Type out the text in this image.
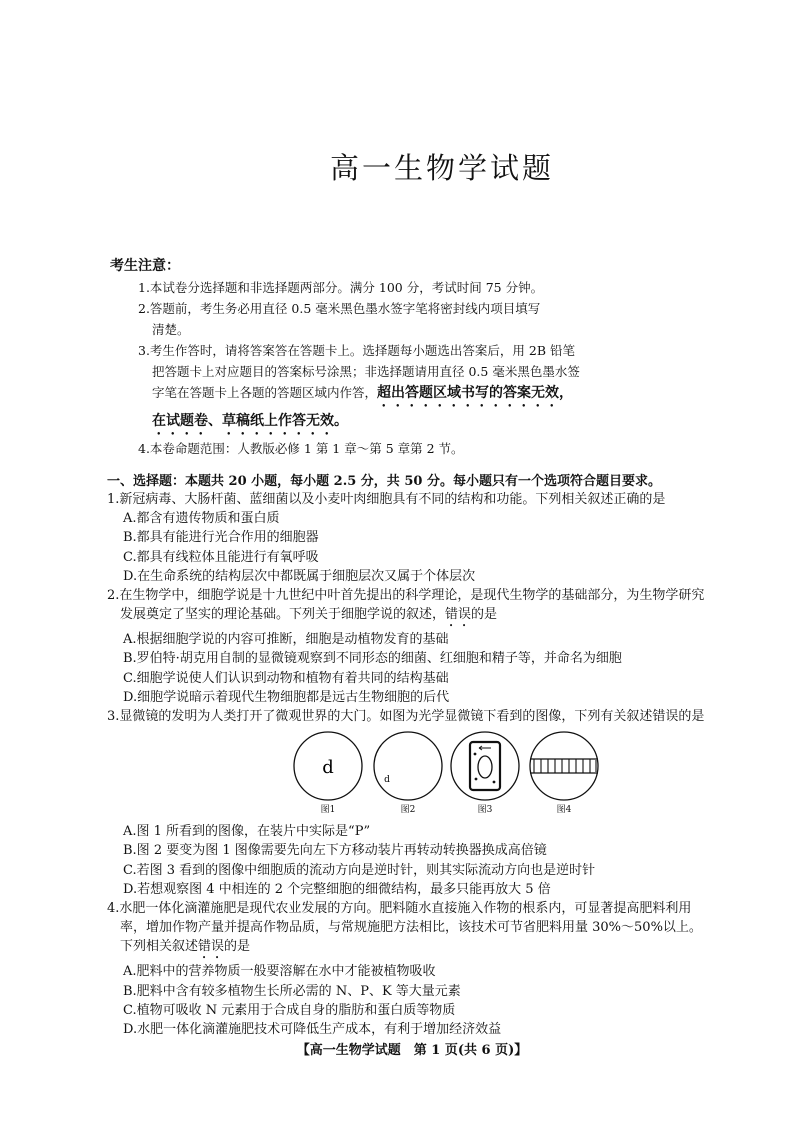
高一生物学试题
考生注意：

1.本试卷分选择题和非选择题两部分。满分 100 分，考试时间 75 分钟。

2.答题前，考生务必用直径 0.5 毫米黑色墨水签字笔将密封线内项目填写

清楚。

3.考生作答时，请将答案答在答题卡上。选择题每小题选出答案后，用 2B 铅笔

把答题卡上对应题目的答案标号涂黑；非选择题请用直径 0.5 毫米黑色墨水签

字笔在答题卡上各题的答题区域内作答，超出答题区域书写的答案无效，

在试题卷、草稿纸上作答无效。

4.本卷命题范围：人教版必修 1 第 1 章～第 5 章第 2 节。

一、选择题：本题共 20 小题，每小题 2.5 分，共 50 分。每小题只有一个选项符合题目要求。

1.新冠病毒、大肠杆菌、蓝细菌以及小麦叶肉细胞具有不同的结构和功能。下列相关叙述正确的是

A.都含有遗传物质和蛋白质

B.都具有能进行光合作用的细胞器

C.都具有线粒体且能进行有氧呼吸

D.在生命系统的结构层次中都既属于细胞层次又属于个体层次

2.在生物学中，细胞学说是十九世纪中叶首先提出的科学理论，是现代生物学的基础部分，为生物学研究

发展奠定了坚实的理论基础。下列关于细胞学说的叙述，错误的是

A.根据细胞学说的内容可推断，细胞是动植物发育的基础

B.罗伯特·胡克用自制的显微镜观察到不同形态的细菌、红细胞和精子等，并命名为细胞

C.细胞学说使人们认识到动物和植物有着共同的结构基础

D.细胞学说暗示着现代生物细胞都是远古生物细胞的后代

3.显微镜的发明为人类打开了微观世界的大门。如图为光学显微镜下看到的图像，下列有关叙述错误的是

d
图1
d
图2	图3	图4

A.图 1 所看到的图像，在装片中实际是“P”

B.图 2 要变为图 1 图像需要先向左下方移动装片再转动转换器换成高倍镜

C.若图 3 看到的图像中细胞质的流动方向是逆时针，则其实际流动方向也是逆时针

D.若想观察图 4 中相连的 2 个完整细胞的细微结构，最多只能再放大 5 倍

4.水肥一体化滴灌施肥是现代农业发展的方向。肥料随水直接施入作物的根系内，可显著提高肥料利用

率，增加作物产量并提高作物品质，与常规施肥方法相比，该技术可节省肥料用量 30%～50%以上。

下列相关叙述错误的是

A.肥料中的营养物质一般要溶解在水中才能被植物吸收

B.肥料中含有较多植物生长所必需的 N、P、K 等大量元素

C.植物可吸收 N 元素用于合成自身的脂肪和蛋白质等物质

D.水肥一体化滴灌施肥技术可降低生产成本，有利于增加经济效益

【高一生物学试题　第 1 页(共 6 页)】
